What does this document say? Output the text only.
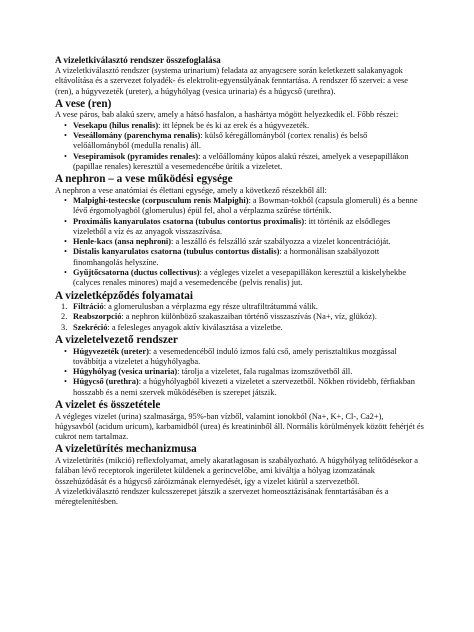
A vizeletkiválasztó rendszer összefoglalása

A vizeletkiválasztó rendszer (systema urinarium) feladata az anyagcsere során keletkezett salakanyagok eltávolítása és a szervezet folyadék- és elektrolit-egyensúlyának fenntartása. A rendszer fő szervei: a vese (ren), a húgyvezeték (ureter), a húgyhólyag (vesica urinaria) és a húgycső (urethra).

A vese (ren)

A vese páros, bab alakú szerv, amely a hátsó hasfalon, a hashártya mögött helyezkedik el. Főbb részei:

• Vesekapu (hilus renalis): itt lépnek be és ki az erek és a húgyvezeték.
• Veseállomány (parenchyma renalis): külső kéregállományból (cortex renalis) és belső velőállományból (medulla renalis) áll.
• Vesepiramisok (pyramides renales): a velőállomány kúpos alakú részei, amelyek a vesepapillákon (papillae renales) keresztül a vesemedencébe ürítik a vizeletet.
A nephron – a vese működési egysége

A nephron a vese anatómiai és élettani egysége, amely a következő részekből áll:

• Malpighi-testecske (corpusculum renis Malpighi): a Bowman-tokból (capsula glomeruli) és a benne lévő érgomolyagból (glomerulus) épül fel, ahol a vérplazma szűrése történik.
• Proximális kanyarulatos csatorna (tubulus contortus proximalis): itt történik az elsődleges vizeletből a víz és az anyagok visszaszívása.
• Henle-kacs (ansa nephroni): a leszálló és felszálló szár szabályozza a vizelet koncentrációját.
• Distalis kanyarulatos csatorna (tubulus contortus distalis): a hormonálisan szabályozott finomhangolás helyszíne.
• Gyűjtőcsatorna (ductus collectivus): a végleges vizelet a vesepapillákon keresztül a kiskelyhekbe (calyces renales minores) majd a vesemedencébe (pelvis renalis) jut.
A vizeletképződés folyamatai
1. Filtráció: a glomerulusban a vérplazma egy része ultrafiltrátummá válik.
2. Reabszorpció: a nephron különböző szakaszaiban történő visszaszívás (Na+, víz, glükóz).
3. Szekréció: a felesleges anyagok aktív kiválasztása a vizeletbe.
A vizeletelvezető rendszer
• Húgyvezeték (ureter): a vesemedencéből induló izmos falú cső, amely perisztaltikus mozgással továbbítja a vizeletet a húgyhólyagba.
• Húgyhólyag (vesica urinaria): tárolja a vizeletet, fala rugalmas izomszövetből áll.
• Húgycső (urethra): a húgyhólyagból kivezeti a vizeletet a szervezetből. Nőkben rövidebb, férfiakban hosszabb és a nemi szervek működésében is szerepet játszik.
A vizelet és összetétele

A végleges vizelet (urina) szalmasárga, 95%-ban vízből, valamint ionokból (Na+, K+, Cl-, Ca2+), húgysavból (acidum uricum), karbamidból (urea) és kreatininből áll. Normális körülmények között fehérjét és cukrot nem tartalmaz.

A vizeletürítés mechanizmusa

A vizeletürítés (mikció) reflexfolyamat, amely akaratlagosan is szabályozható. A húgyhólyag telítődésekor a falában lévő receptorok ingerületet küldenek a gerincvelőbe, ami kiváltja a hólyag izomzatának összehúzódását és a húgycső záróizmának elernyedését, így a vizelet kiürül a szervezetből.

A vizeletkiválasztó rendszer kulcsszerepet játszik a szervezet homeosztázisának fenntartásában és a méregtelenítésben.
